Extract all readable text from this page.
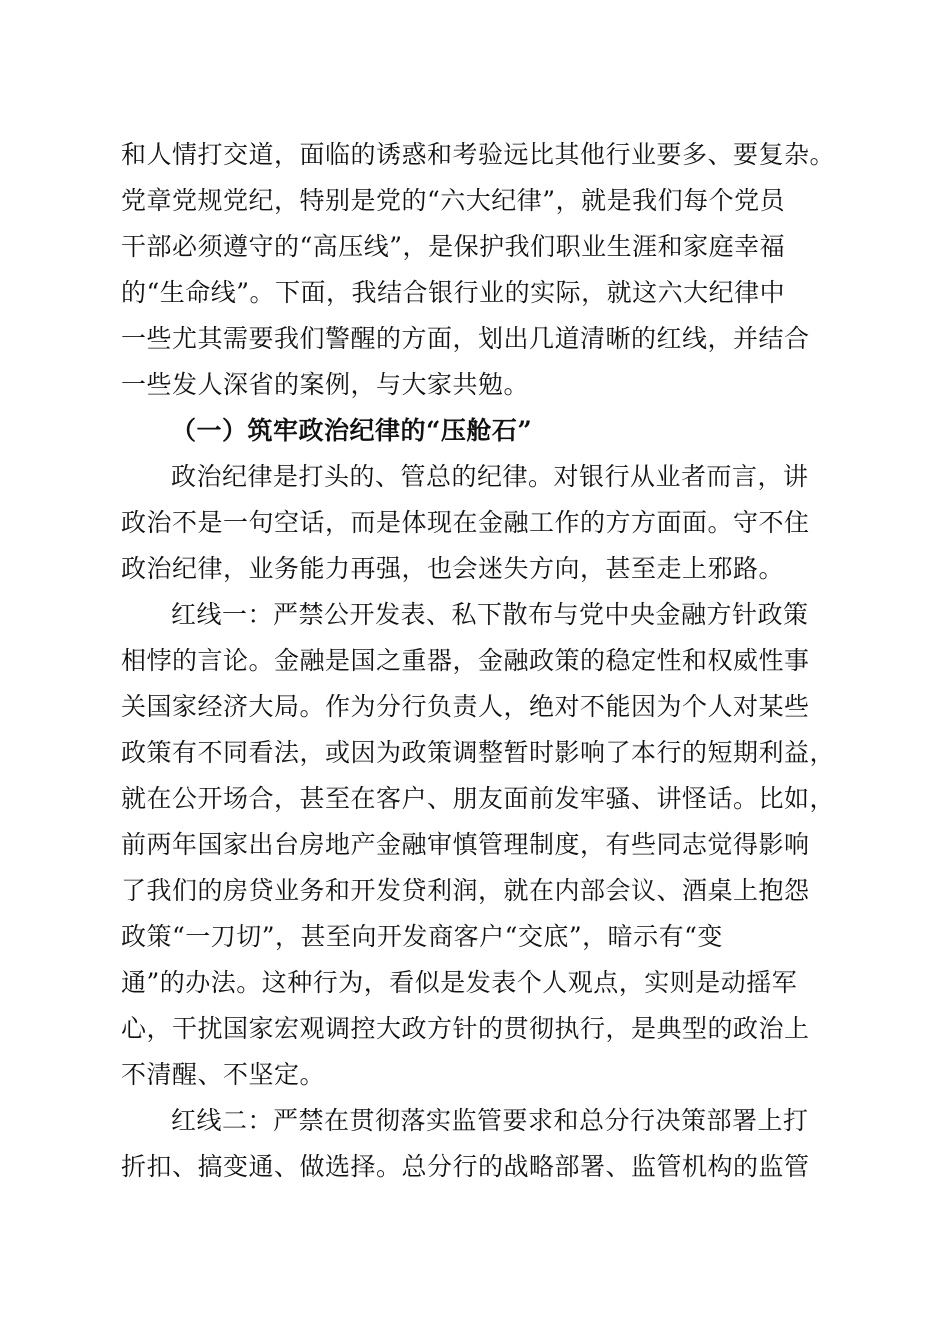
和人情打交道，面临的诱惑和考验远比其他行业要多、要复杂。
党章党规党纪，特别是党的“六大纪律”，就是我们每个党员
干部必须遵守的“高压线”，是保护我们职业生涯和家庭幸福
的“生命线”。下面，我结合银行业的实际，就这六大纪律中
一些尤其需要我们警醒的方面，划出几道清晰的红线，并结合
一些发人深省的案例，与大家共勉。
（一）筑牢政治纪律的“压舱石”
政治纪律是打头的、管总的纪律。对银行从业者而言，讲
政治不是一句空话，而是体现在金融工作的方方面面。守不住
政治纪律，业务能力再强，也会迷失方向，甚至走上邪路。
红线一：严禁公开发表、私下散布与党中央金融方针政策
相悖的言论。金融是国之重器，金融政策的稳定性和权威性事
关国家经济大局。作为分行负责人，绝对不能因为个人对某些
政策有不同看法，或因为政策调整暂时影响了本行的短期利益，
就在公开场合，甚至在客户、朋友面前发牢骚、讲怪话。比如，
前两年国家出台房地产金融审慎管理制度，有些同志觉得影响
了我们的房贷业务和开发贷利润，就在内部会议、酒桌上抱怨
政策“一刀切”，甚至向开发商客户“交底”，暗示有“变
通”的办法。这种行为，看似是发表个人观点，实则是动摇军
心，干扰国家宏观调控大政方针的贯彻执行，是典型的政治上
不清醒、不坚定。
红线二：严禁在贯彻落实监管要求和总分行决策部署上打
折扣、搞变通、做选择。总分行的战略部署、监管机构的监管
